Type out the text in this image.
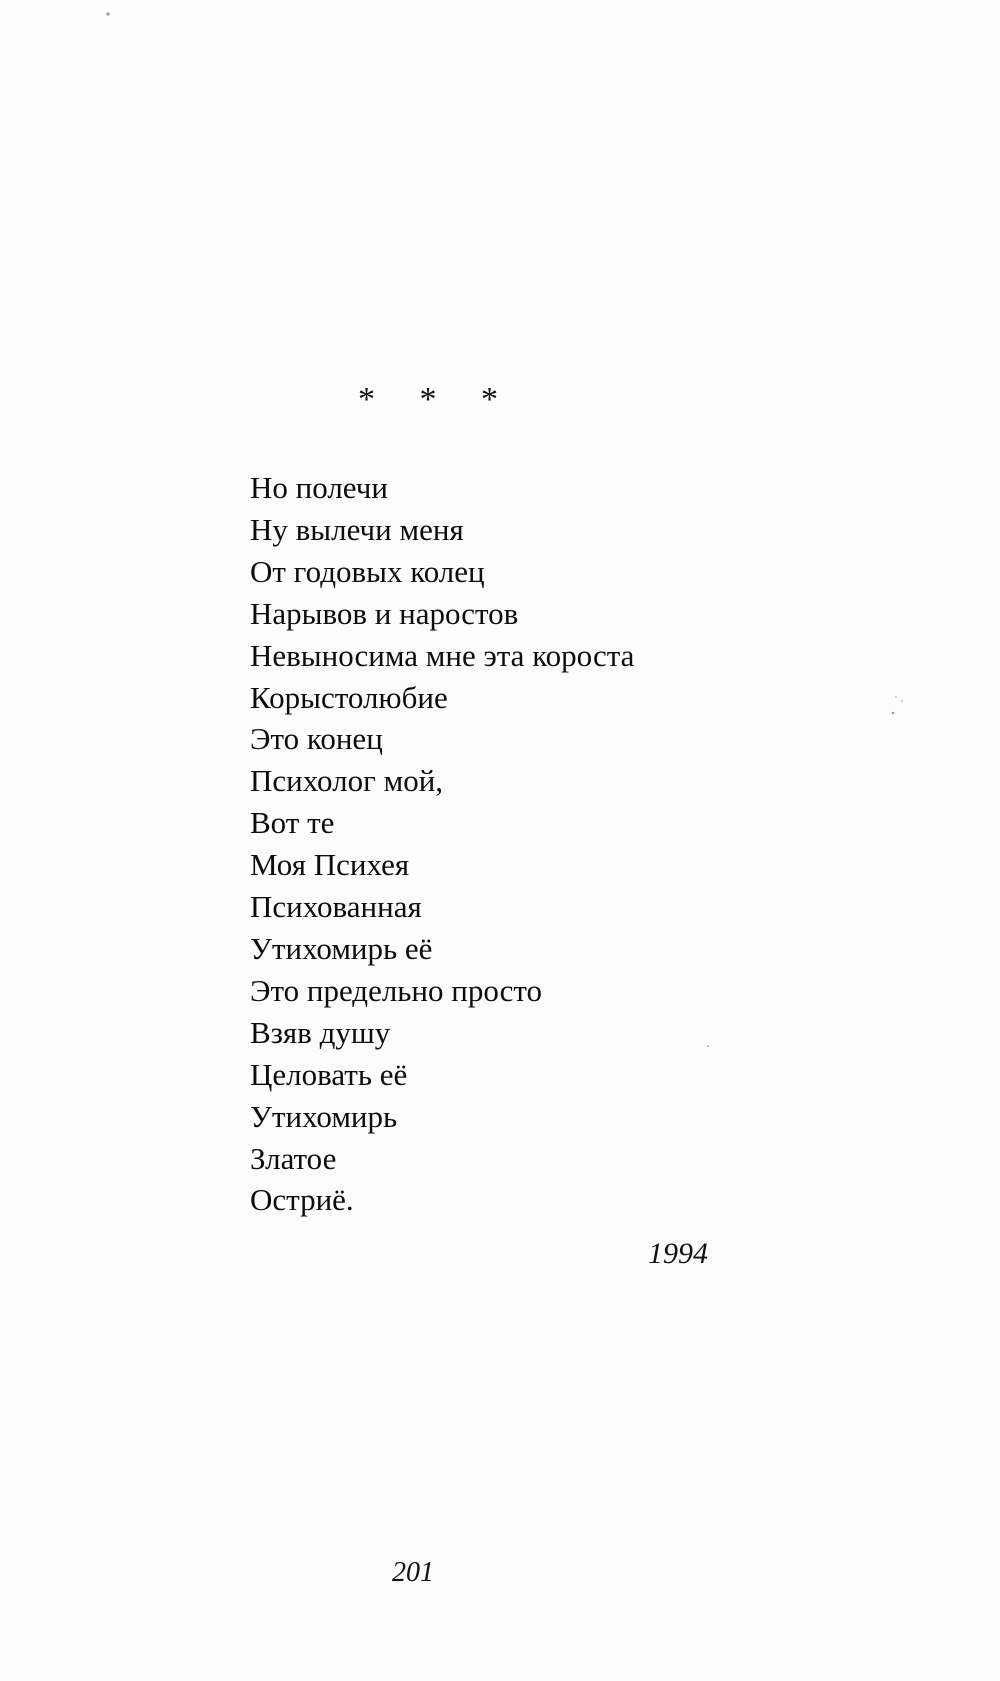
* * *
Но полечи
Ну вылечи меня
От годовых колец
Нарывов и наростов
Невыносима мне эта короста
Корыстолюбие
Это конец
Психолог мой,
Вот те
Моя Психея
Психованная
Утихомирь её
Это предельно просто
Взяв душу
Целовать её
Утихомирь
Златое
Остриё.
1994
201
